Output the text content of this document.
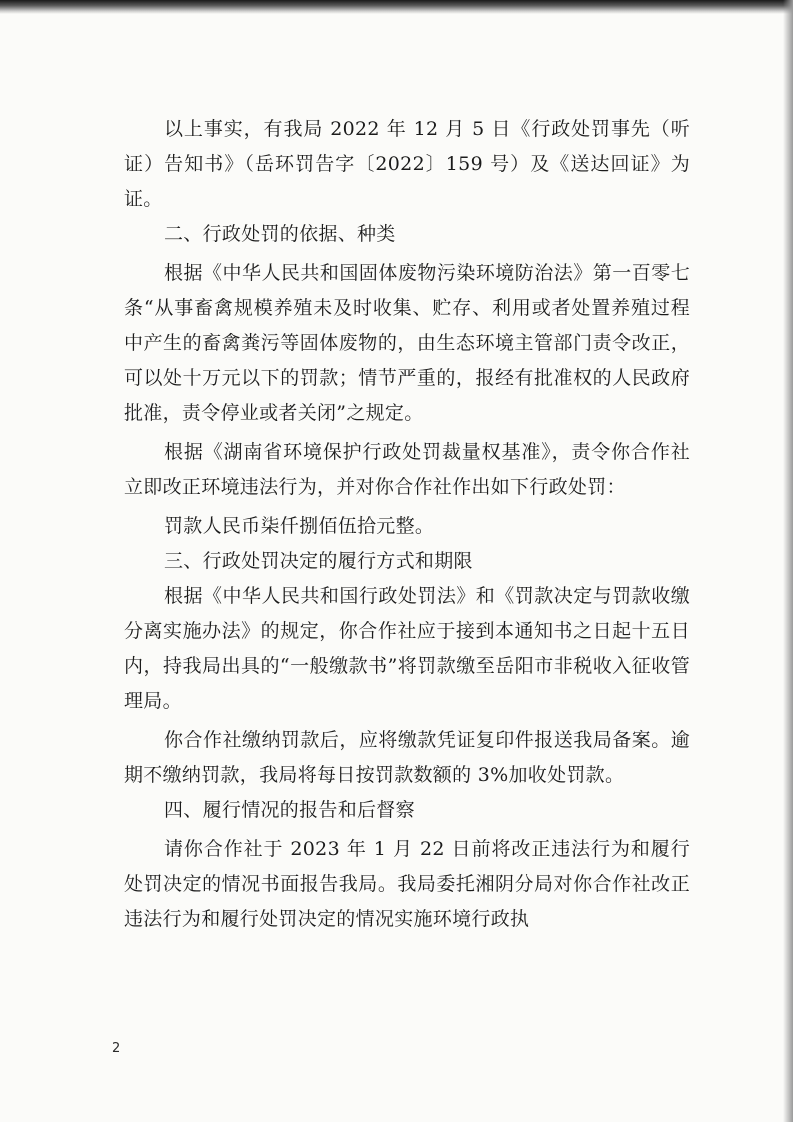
以上事实，有我局 2022 年 12 月 5 日《行政处罚事先（听证）告知书》（岳环罚告字〔2022〕159 号）及《送达回证》为证。

二、行政处罚的依据、种类

根据《中华人民共和国固体废物污染环境防治法》第一百零七条“从事畜禽规模养殖未及时收集、贮存、利用或者处置养殖过程中产生的畜禽粪污等固体废物的，由生态环境主管部门责令改正，可以处十万元以下的罚款；情节严重的，报经有批准权的人民政府批准，责令停业或者关闭”之规定。

根据《湖南省环境保护行政处罚裁量权基准》，责令你合作社立即改正环境违法行为，并对你合作社作出如下行政处罚：

罚款人民币柒仟捌佰伍拾元整。

三、行政处罚决定的履行方式和期限

根据《中华人民共和国行政处罚法》和《罚款决定与罚款收缴分离实施办法》的规定，你合作社应于接到本通知书之日起十五日内，持我局出具的“一般缴款书”将罚款缴至岳阳市非税收入征收管理局。

你合作社缴纳罚款后，应将缴款凭证复印件报送我局备案。逾期不缴纳罚款，我局将每日按罚款数额的 3%加收处罚款。

四、履行情况的报告和后督察

请你合作社于 2023 年 1 月 22 日前将改正违法行为和履行处罚决定的情况书面报告我局。我局委托湘阴分局对你合作社改正违法行为和履行处罚决定的情况实施环境行政执

2
